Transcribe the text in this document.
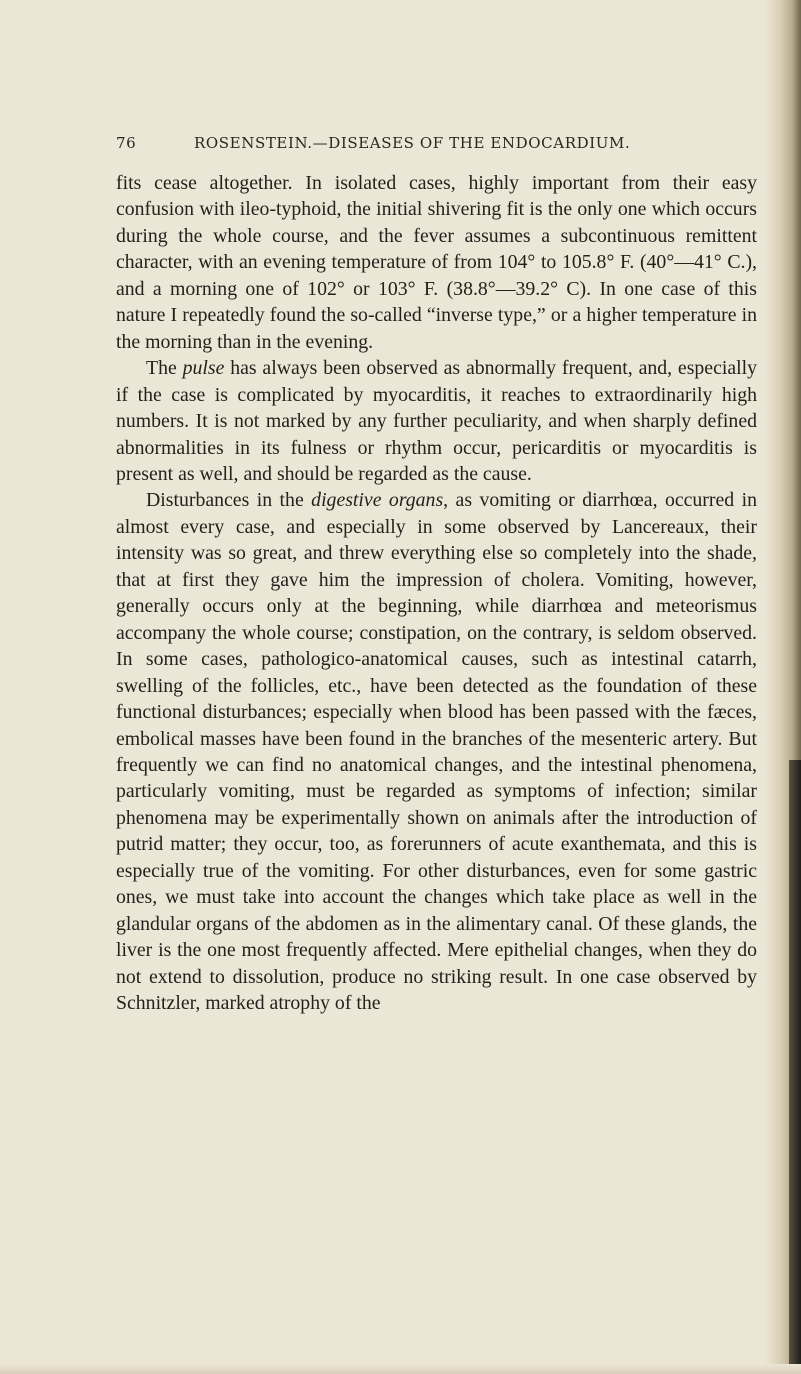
76	ROSENSTEIN.—DISEASES OF THE ENDOCARDIUM.

fits cease altogether. In isolated cases, highly important from their easy confusion with ileo-typhoid, the initial shivering fit is the only one which occurs during the whole course, and the fever assumes a subcontinuous remittent character, with an evening temperature of from 104° to 105.8° F. (40°—41° C.), and a morning one of 102° or 103° F. (38.8°—39.2° C). In one case of this nature I repeatedly found the so-called “inverse type,” or a higher temperature in the morning than in the evening.

The pulse has always been observed as abnormally frequent, and, especially if the case is complicated by myocarditis, it reaches to extraordinarily high numbers. It is not marked by any further peculiarity, and when sharply defined abnormalities in its fulness or rhythm occur, pericarditis or myocarditis is present as well, and should be regarded as the cause.

Disturbances in the digestive organs, as vomiting or diarrhœa, occurred in almost every case, and especially in some observed by Lancereaux, their intensity was so great, and threw everything else so completely into the shade, that at first they gave him the impression of cholera. Vomiting, however, generally occurs only at the beginning, while diarrhœa and meteorismus accompany the whole course; constipation, on the contrary, is seldom observed. In some cases, pathologico-anatomical causes, such as intestinal catarrh, swelling of the follicles, etc., have been detected as the foundation of these functional disturbances; especially when blood has been passed with the fæces, embolical masses have been found in the branches of the mesenteric artery. But frequently we can find no anatomical changes, and the intestinal phenomena, particularly vomiting, must be regarded as symptoms of infection; similar phenomena may be experimentally shown on animals after the introduction of putrid matter; they occur, too, as forerunners of acute exanthemata, and this is especially true of the vomiting. For other disturbances, even for some gastric ones, we must take into account the changes which take place as well in the glandular organs of the abdomen as in the alimentary canal. Of these glands, the liver is the one most frequently affected. Mere epithelial changes, when they do not extend to dissolution, produce no striking result. In one case observed by Schnitzler, marked atrophy of the
